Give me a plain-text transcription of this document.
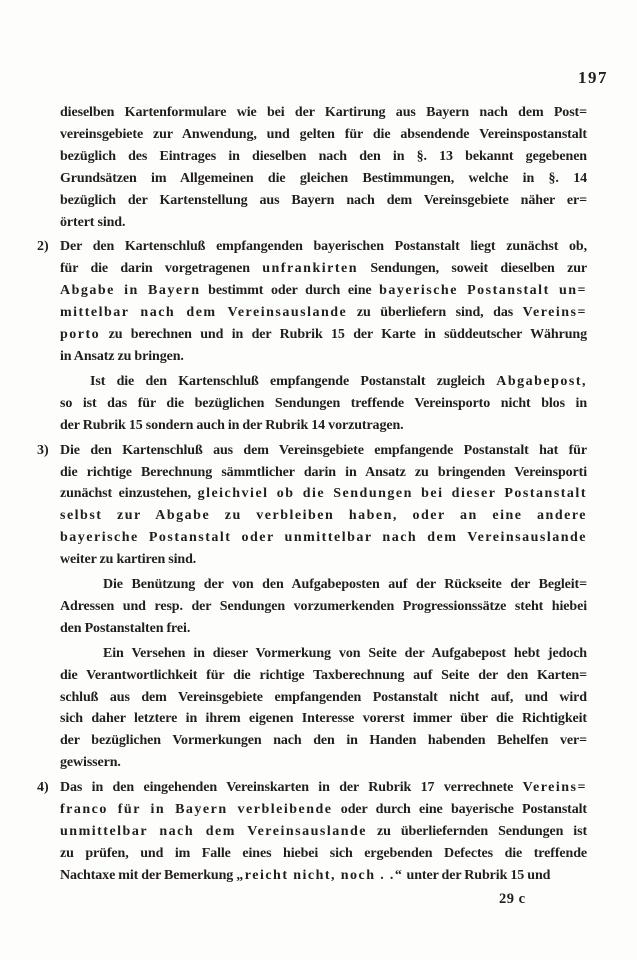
197
dieselben Kartenformulare wie bei der Kartirung aus Bayern nach dem Post=
vereinsgebiete zur Anwendung, und gelten für die absendende Vereinspostanstalt
bezüglich des Eintrages in dieselben nach den in §. 13 bekannt gegebenen
Grundsätzen im Allgemeinen die gleichen Bestimmungen, welche in §. 14
bezüglich der Kartenstellung aus Bayern nach dem Vereinsgebiete näher er=
örtert sind.
2) Der den Kartenschluß empfangenden bayerischen Postanstalt liegt zunächst ob,
für die darin vorgetragenen unfrankirten Sendungen, soweit dieselben zur
Abgabe in Bayern bestimmt oder durch eine bayerische Postanstalt un=
mittelbar nach dem Vereinsauslande zu überliefern sind, das Vereins=
porto zu berechnen und in der Rubrik 15 der Karte in süddeutscher Währung
in Ansatz zu bringen.
Ist die den Kartenschluß empfangende Postanstalt zugleich Abgabepost,
so ist das für die bezüglichen Sendungen treffende Vereinsporto nicht blos in
der Rubrik 15 sondern auch in der Rubrik 14 vorzutragen.
3) Die den Kartenschluß aus dem Vereinsgebiete empfangende Postanstalt hat für
die richtige Berechnung sämmtlicher darin in Ansatz zu bringenden Vereinsporti
zunächst einzustehen, gleichviel ob die Sendungen bei dieser Postanstalt
selbst zur Abgabe zu verbleiben haben, oder an eine andere
bayerische Postanstalt oder unmittelbar nach dem Vereinsauslande
weiter zu kartiren sind.
Die Benützung der von den Aufgabeposten auf der Rückseite der Begleit=
Adressen und resp. der Sendungen vorzumerkenden Progressionssätze steht hiebei
den Postanstalten frei.
Ein Versehen in dieser Vormerkung von Seite der Aufgabepost hebt jedoch
die Verantwortlichkeit für die richtige Taxberechnung auf Seite der den Karten=
schluß aus dem Vereinsgebiete empfangenden Postanstalt nicht auf, und wird
sich daher letztere in ihrem eigenen Interesse vorerst immer über die Richtigkeit
der bezüglichen Vormerkungen nach den in Handen habenden Behelfen ver=
gewissern.
4) Das in den eingehenden Vereinskarten in der Rubrik 17 verrechnete Vereins=
franco für in Bayern verbleibende oder durch eine bayerische Postanstalt
unmittelbar nach dem Vereinsauslande zu überliefernden Sendungen ist
zu prüfen, und im Falle eines hiebei sich ergebenden Defectes die treffende
Nachtaxe mit der Bemerkung „reicht nicht, noch . .“ unter der Rubrik 15 und
29 c
